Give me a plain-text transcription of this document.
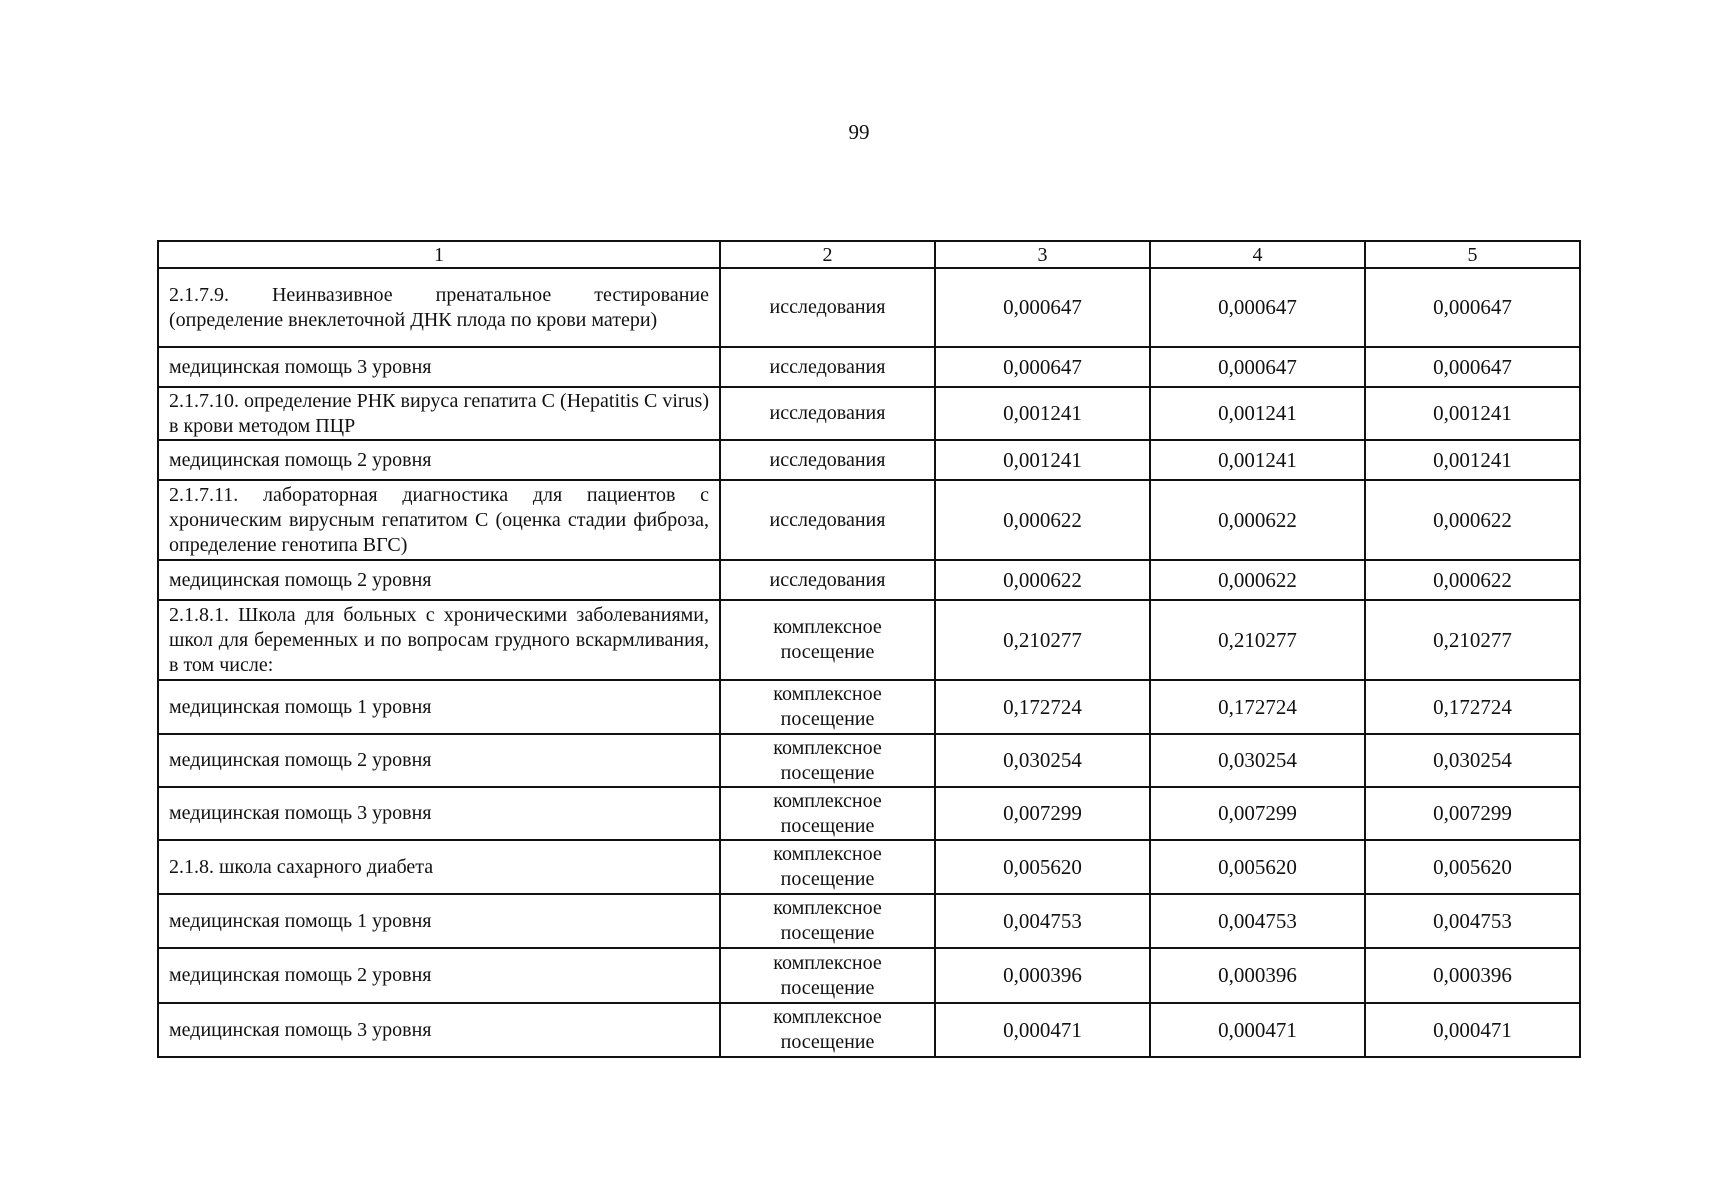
99
1	2	3	4	5
2.1.7.9. Неинвазивное пренатальное тестирование (определение внеклеточной ДНК плода по крови матери)	исследования	0,000647	0,000647	0,000647
медицинская помощь 3 уровня	исследования	0,000647	0,000647	0,000647
2.1.7.10. определение РНК вируса гепатита С (Hepatitis С virus) в крови методом ПЦР	исследования	0,001241	0,001241	0,001241
медицинская помощь 2 уровня	исследования	0,001241	0,001241	0,001241
2.1.7.11. лабораторная диагностика для пациентов с хроническим вирусным гепатитом С (оценка стадии фиброза, определение генотипа ВГС)	исследования	0,000622	0,000622	0,000622
медицинская помощь 2 уровня	исследования	0,000622	0,000622	0,000622
2.1.8.1. Школа для больных с хроническими заболеваниями, школ для беременных и по вопросам грудного вскармливания, в том числе:	комплексное посещение	0,210277	0,210277	0,210277
медицинская помощь 1 уровня	комплексное посещение	0,172724	0,172724	0,172724
медицинская помощь 2 уровня	комплексное посещение	0,030254	0,030254	0,030254
медицинская помощь 3 уровня	комплексное посещение	0,007299	0,007299	0,007299
2.1.8. школа сахарного диабета	комплексное посещение	0,005620	0,005620	0,005620
медицинская помощь 1 уровня	комплексное посещение	0,004753	0,004753	0,004753
медицинская помощь 2 уровня	комплексное посещение	0,000396	0,000396	0,000396
медицинская помощь 3 уровня	комплексное посещение	0,000471	0,000471	0,000471
